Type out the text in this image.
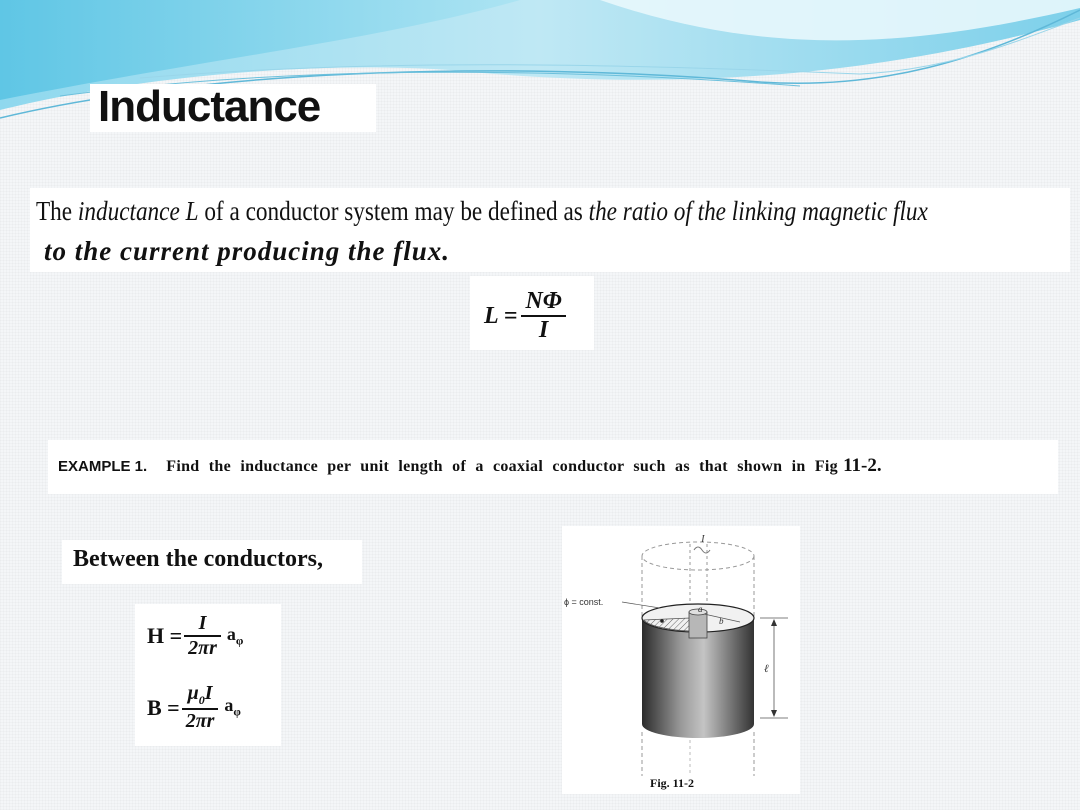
Inductance
The inductance L of a conductor system may be defined as the ratio of the linking magnetic flux
to the current producing the flux.
$L = \frac{N\Phi}{I}$
EXAMPLE 1. Find the inductance per unit length of a coaxial conductor such as that shown in Fig 11-2.
Between the conductors,
$H = \frac{I}{2\pi r} a_\varphi$
$B = \frac{\mu_0I}{2\pi r} a_\varphi$
I
ϕ = const.
a
b
ℓ
Fig. 11-2
